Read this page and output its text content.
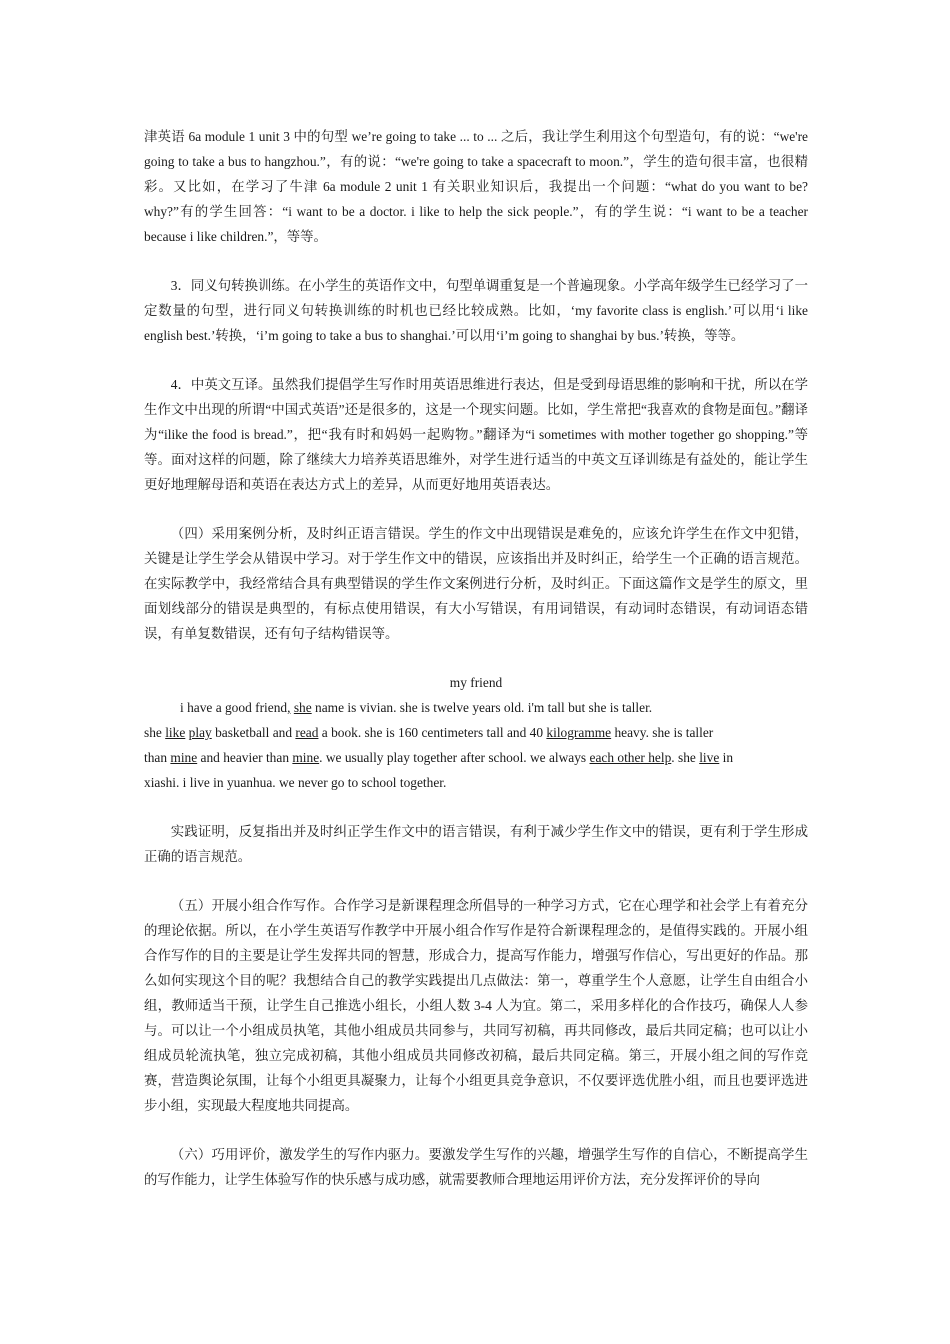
津英语 6a module 1 unit 3 中的句型 we’re going to take ... to ... 之后，我让学生利用这个句型造句，有的说：“we're going to take a bus to hangzhou.”，有的说：“we're going to take a spacecraft to moon.”，学生的造句很丰富，也很精彩。又比如，在学习了牛津 6a module 2 unit 1 有关职业知识后，我提出一个问题：“what do you want to be? why?”有的学生回答：“i want to be a doctor. i like to help the sick people.”，有的学生说：“i want to be a teacher because i like children.”，等等。

3．同义句转换训练。在小学生的英语作文中，句型单调重复是一个普遍现象。小学高年级学生已经学习了一定数量的句型，进行同义句转换训练的时机也已经比较成熟。比如，‘my favorite class is english.’可以用‘i like english best.’转换，‘i’m going to take a bus to shanghai.’可以用‘i’m going to shanghai by bus.’转换，等等。

4．中英文互译。虽然我们提倡学生写作时用英语思维进行表达，但是受到母语思维的影响和干扰，所以在学生作文中出现的所谓“中国式英语”还是很多的，这是一个现实问题。比如，学生常把“我喜欢的食物是面包。”翻译为“ilike the food is bread.”，把“我有时和妈妈一起购物。”翻译为“i sometimes with mother together go shopping.”等等。面对这样的问题，除了继续大力培养英语思维外，对学生进行适当的中英文互译训练是有益处的，能让学生更好地理解母语和英语在表达方式上的差异，从而更好地用英语表达。

（四）采用案例分析，及时纠正语言错误。学生的作文中出现错误是难免的，应该允许学生在作文中犯错，关键是让学生学会从错误中学习。对于学生作文中的错误，应该指出并及时纠正，给学生一个正确的语言规范。在实际教学中，我经常结合具有典型错误的学生作文案例进行分析，及时纠正。下面这篇作文是学生的原文，里面划线部分的错误是典型的，有标点使用错误，有大小写错误，有用词错误，有动词时态错误，有动词语态错误，有单复数错误，还有句子结构错误等。

my friend

i have a good friend, she name is vivian. she is twelve years old. i'm tall but she is taller.

she like play basketball and read a book. she is 160 centimeters tall and 40 kilogramme heavy. she is taller

than mine and heavier than mine. we usually play together after school. we always each other help. she live in

xiashi. i live in yuanhua. we never go to school together.

实践证明，反复指出并及时纠正学生作文中的语言错误，有利于减少学生作文中的错误，更有利于学生形成正确的语言规范。

（五）开展小组合作写作。合作学习是新课程理念所倡导的一种学习方式，它在心理学和社会学上有着充分的理论依据。所以，在小学生英语写作教学中开展小组合作写作是符合新课程理念的，是值得实践的。开展小组合作写作的目的主要是让学生发挥共同的智慧，形成合力，提高写作能力，增强写作信心，写出更好的作品。那么如何实现这个目的呢？我想结合自己的教学实践提出几点做法：第一，尊重学生个人意愿，让学生自由组合小组，教师适当干预，让学生自己推选小组长，小组人数 3-4 人为宜。第二，采用多样化的合作技巧，确保人人参与。可以让一个小组成员执笔，其他小组成员共同参与，共同写初稿，再共同修改，最后共同定稿；也可以让小组成员轮流执笔，独立完成初稿，其他小组成员共同修改初稿，最后共同定稿。第三，开展小组之间的写作竞赛，营造舆论氛围，让每个小组更具凝聚力，让每个小组更具竞争意识，不仅要评选优胜小组，而且也要评选进步小组，实现最大程度地共同提高。

（六）巧用评价，激发学生的写作内驱力。要激发学生写作的兴趣，增强学生写作的自信心，不断提高学生的写作能力，让学生体验写作的快乐感与成功感，就需要教师合理地运用评价方法，充分发挥评价的导向
